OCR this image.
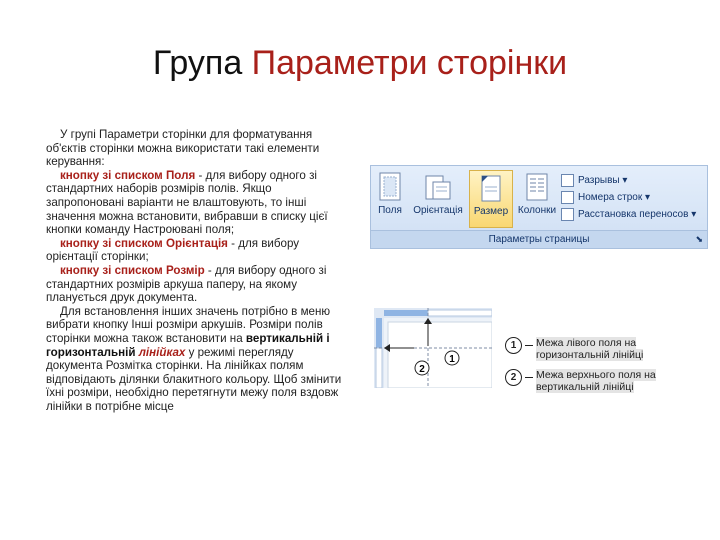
Група Параметри сторінки

У групі Параметри сторінки для форматування об'єктів сторінки можна використати такі елементи керування:

кнопку зі списком Поля - для вибору одного зі стандартних наборів розмірів полів. Якщо запропоновані варіанти не влаштовують, то інші значення можна встановити, вибравши в списку цієї кнопки команду Настроювані поля;

кнопку зі списком Орієнтація - для вибору орієнтації сторінки;

кнопку зі списком Розмір - для вибору одного зі стандартних розмірів аркуша паперу, на якому планується друк документа.

Для встановлення інших значень потрібно в меню вибрати кнопку Інші розміри аркушів. Розміри полів сторінки можна також встановити на вертикальній і горизонтальній лінійках у режимі перегляду документа Розмітка сторінки. На лінійках полям відповідають ділянки блакитного кольору. Щоб змінити їхні розміри, необхідно перетягнути межу поля вздовж лінійки в потрібне місце

Поля	Орієнтація	Размер Колонки
Разрывы ▾
Номера строк ▾
Расстановка переносов ▾
Параметры страницы	⬊
1
2
1	Межа лівого поля на горизонтальній лінійці
2	Межа верхнього поля на вертикальній лінійці
